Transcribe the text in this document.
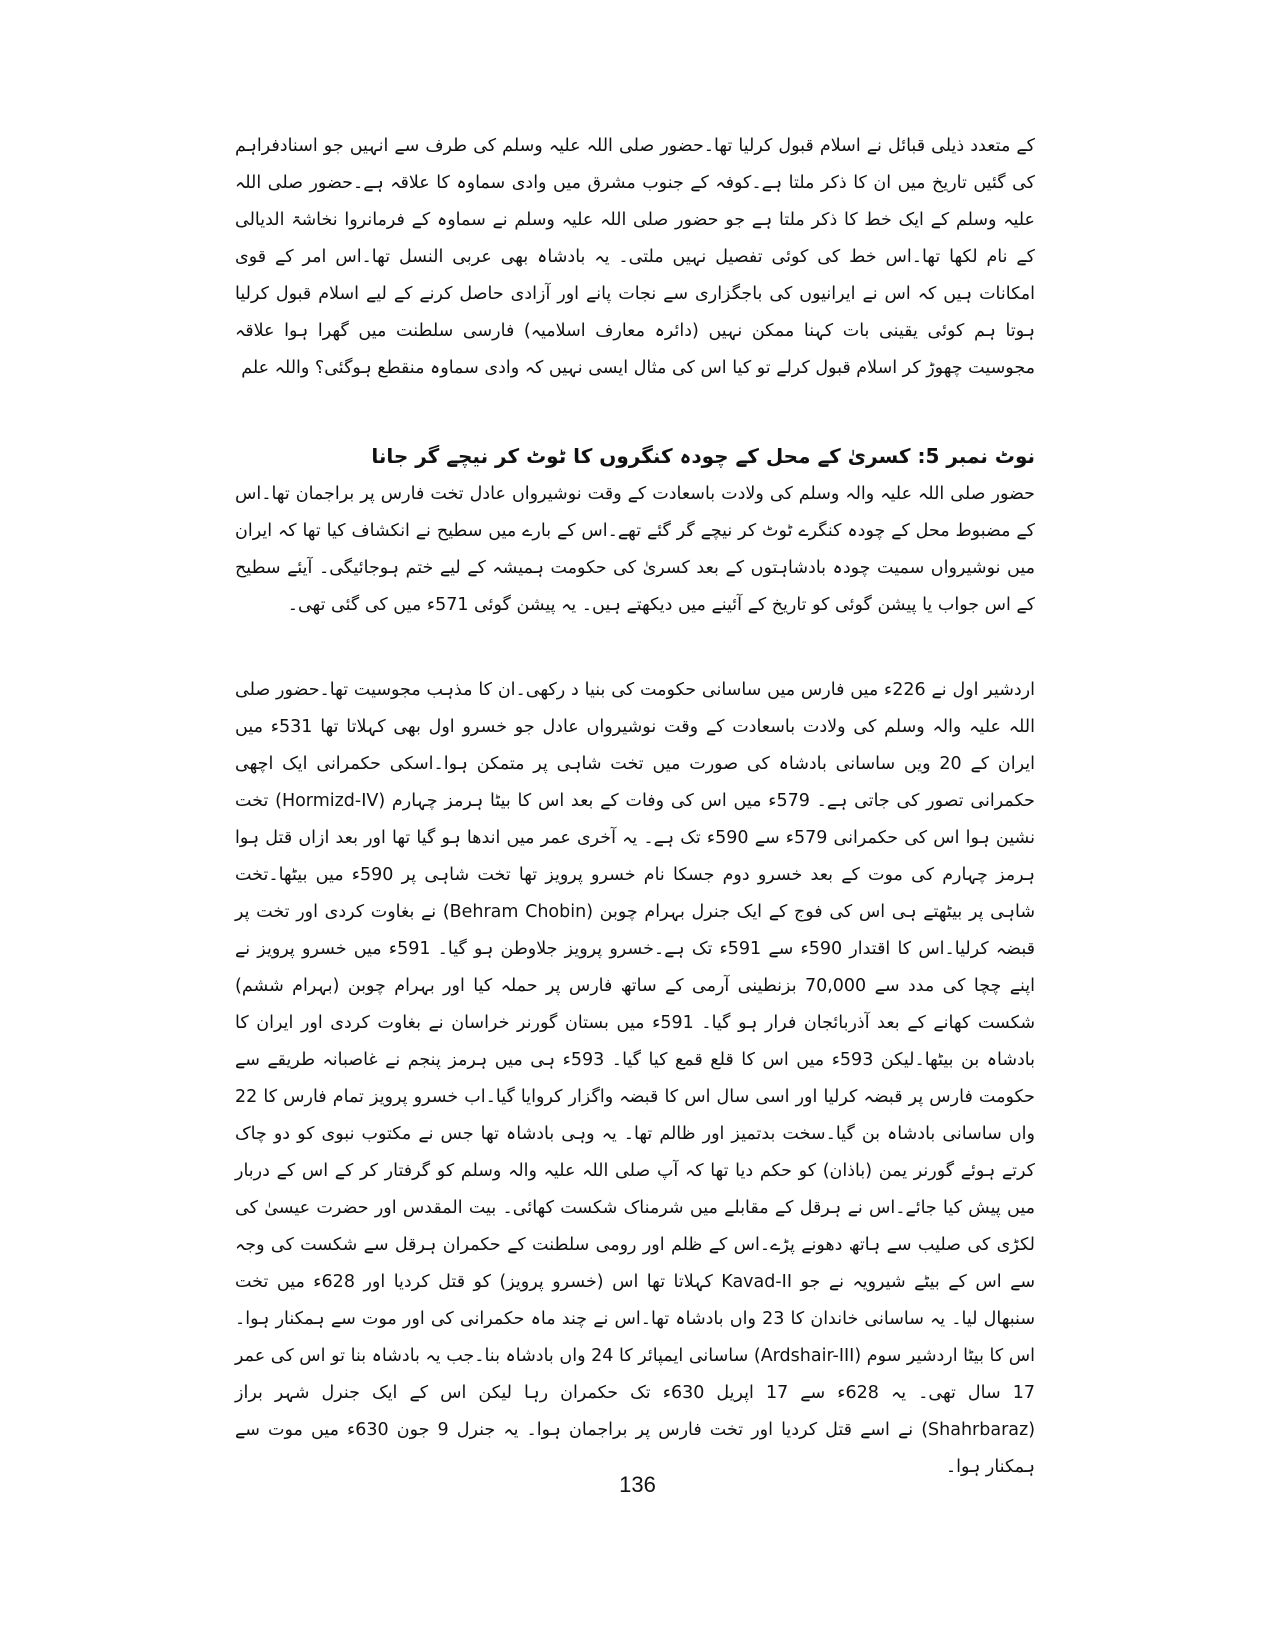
کے متعدد ذیلی قبائل نے اسلام قبول کرلیا تھا۔حضور صلی اللہ علیہ وسلم کی طرف سے انہیں جو اسنادفراہم کی گئیں تاریخ میں ان کا ذکر ملتا ہے۔کوفہ کے جنوب مشرق میں وادی سماوہ کا علاقہ ہے۔حضور صلی اللہ علیہ وسلم کے ایک خط کا ذکر ملتا ہے جو حضور صلی اللہ علیہ وسلم نے سماوہ کے فرمانروا نخاشۃ الدیالی کے نام لکھا تھا۔اس خط کی کوئی تفصیل نہیں ملتی۔ یہ بادشاہ بھی عربی النسل تھا۔اس امر کے قوی امکانات ہیں کہ اس نے ایرانیوں کی باجگزاری سے نجات پانے اور آزادی حاصل کرنے کے لیے اسلام قبول کرلیا ہوتا ہم کوئی یقینی بات کہنا ممکن نہیں (دائرہ معارف اسلامیہ) فارسی سلطنت میں گھرا ہوا علاقہ مجوسیت چھوڑ کر اسلام قبول کرلے تو کیا اس کی مثال ایسی نہیں کہ وادی سماوہ منقطع ہوگئی؟ واللہ علم

نوٹ نمبر 5: کسریٰ کے محل کے چودہ کنگروں کا ٹوٹ کر نیچے گر جانا

حضور صلی اللہ علیہ والہ وسلم کی ولادت باسعادت کے وقت نوشیرواں عادل تخت فارس پر براجمان تھا۔اس کے مضبوط محل کے چودہ کنگرے ٹوٹ کر نیچے گر گئے تھے۔اس کے بارے میں سطیح نے انکشاف کیا تھا کہ ایران میں نوشیرواں سمیت چودہ بادشاہتوں کے بعد کسریٰ کی حکومت ہمیشہ کے لیے ختم ہوجائیگی۔ آیئے سطیح کے اس جواب یا پیشن گوئی کو تاریخ کے آئینے میں دیکھتے ہیں۔ یہ پیشن گوئی 571ء میں کی گئی تھی۔

اردشیر اول نے 226ء میں فارس میں ساسانی حکومت کی بنیا د رکھی۔ان کا مذہب مجوسیت تھا۔حضور صلی اللہ علیہ والہ وسلم کی ولادت باسعادت کے وقت نوشیرواں عادل جو خسرو اول بھی کہلاتا تھا 531ء میں ایران کے 20 ویں ساسانی بادشاہ کی صورت میں تخت شاہی پر متمکن ہوا۔اسکی حکمرانی ایک اچھی حکمرانی تصور کی جاتی ہے۔ 579ء میں اس کی وفات کے بعد اس کا بیٹا ہرمز چہارم (Hormizd-IV) تخت نشین ہوا اس کی حکمرانی 579ء سے 590ء تک ہے۔ یہ آخری عمر میں اندھا ہو گیا تھا اور بعد ازاں قتل ہوا ہرمز چہارم کی موت کے بعد خسرو دوم جسکا نام خسرو پرویز تھا تخت شاہی پر 590ء میں بیٹھا۔تخت شاہی پر بیٹھتے ہی اس کی فوج کے ایک جنرل بہرام چوبن (Behram Chobin) نے بغاوت کردی اور تخت پر قبضہ کرلیا۔اس کا اقتدار 590ء سے 591ء تک ہے۔خسرو پرویز جلاوطن ہو گیا۔ 591ء میں خسرو پرویز نے اپنے چچا کی مدد سے 70,000 بزنطینی آرمی کے ساتھ فارس پر حملہ کیا اور بہرام چوبن (بہرام ششم) شکست کھانے کے بعد آذربائجان فرار ہو گیا۔ 591ء میں بستان گورنر خراسان نے بغاوت کردی اور ایران کا بادشاہ بن بیٹھا۔لیکن 593ء میں اس کا قلع قمع کیا گیا۔ 593ء ہی میں ہرمز پنجم نے غاصبانہ طریقے سے حکومت فارس پر قبضہ کرلیا اور اسی سال اس کا قبضہ واگزار کروایا گیا۔اب خسرو پرویز تمام فارس کا 22 واں ساسانی بادشاہ بن گیا۔سخت بدتمیز اور ظالم تھا۔ یہ وہی بادشاہ تھا جس نے مکتوب نبوی کو دو چاک کرتے ہوئے گورنر یمن (باذان) کو حکم دیا تھا کہ آپ صلی اللہ علیہ والہ وسلم کو گرفتار کر کے اس کے دربار میں پیش کیا جائے۔اس نے ہرقل کے مقابلے میں شرمناک شکست کھائی۔ بیت المقدس اور حضرت عیسیٰ کی لکڑی کی صلیب سے ہاتھ دھونے پڑے۔اس کے ظلم اور رومی سلطنت کے حکمران ہرقل سے شکست کی وجہ سے اس کے بیٹے شیرویہ نے جو Kavad-II کہلاتا تھا اس (خسرو پرویز) کو قتل کردیا اور 628ء میں تخت سنبھال لیا۔ یہ ساسانی خاندان کا 23 واں بادشاہ تھا۔اس نے چند ماہ حکمرانی کی اور موت سے ہمکنار ہوا۔اس کا بیٹا اردشیر سوم (Ardshair-III) ساسانی ایمپائر کا 24 واں بادشاہ بنا۔جب یہ بادشاہ بنا تو اس کی عمر 17 سال تھی۔ یہ 628ء سے 17 اپریل 630ء تک حکمران رہا لیکن اس کے ایک جنرل شہر براز (Shahrbaraz) نے اسے قتل کردیا اور تخت فارس پر براجمان ہوا۔ یہ جنرل 9 جون 630ء میں موت سے ہمکنار ہوا۔

136
